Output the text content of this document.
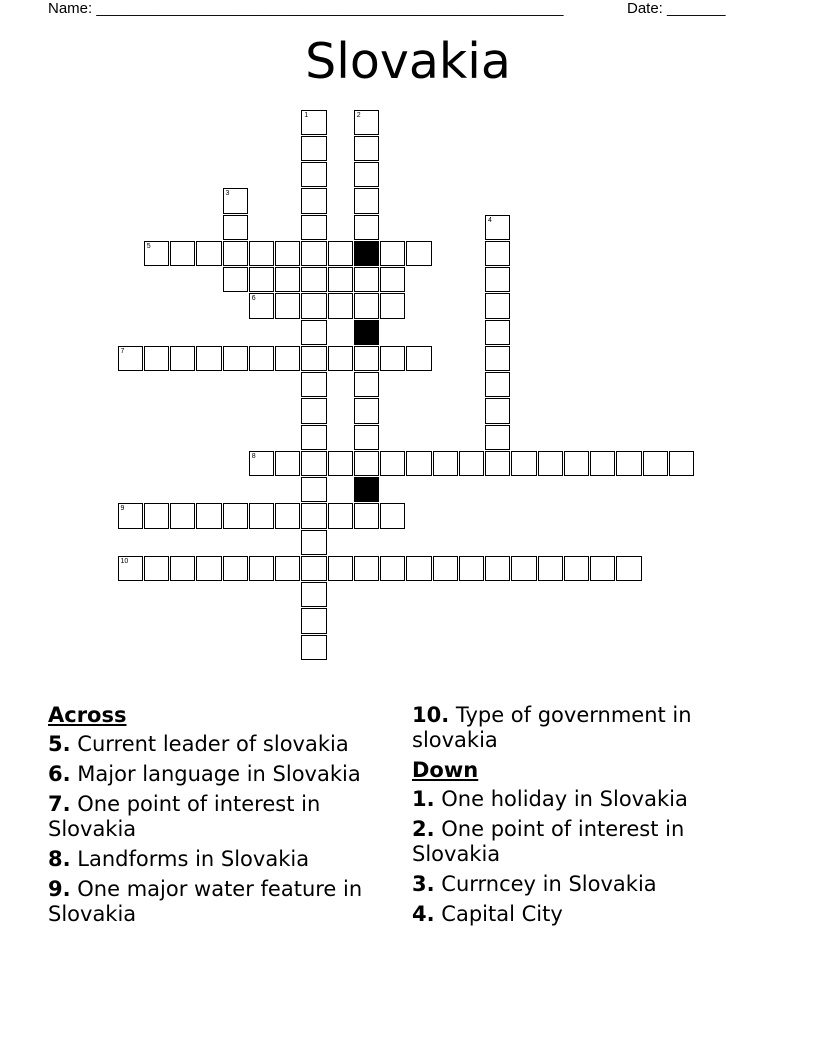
Name: ________________________________________________________	Date: _______
Slovakia
1	2
3
4
5
6
7
8
9
10
Across
5. Current leader of slovakia
6. Major language in Slovakia
7. One point of interest in Slovakia
8. Landforms in Slovakia
9. One major water feature in Slovakia
10. Type of government in slovakia
Down
1. One holiday in Slovakia
2. One point of interest in Slovakia
3. Currncey in Slovakia
4. Capital City
